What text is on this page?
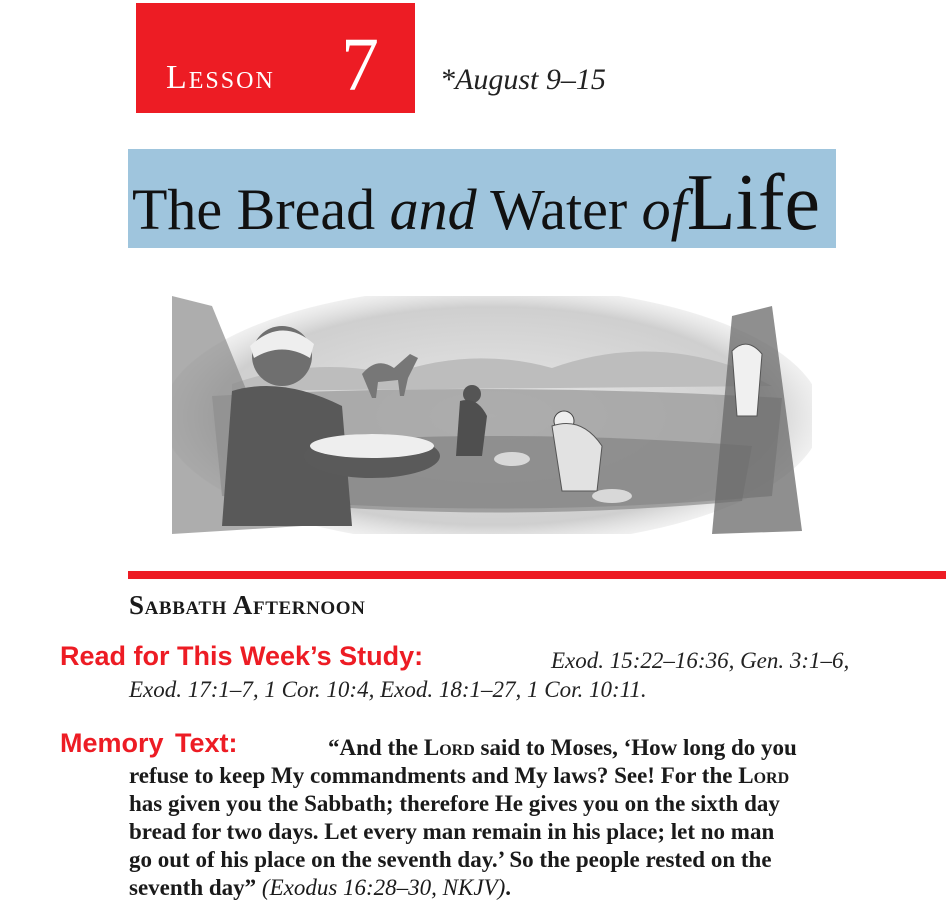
Lesson 7 *August 9–15
The Bread and Water ofLife
Sabbath Afternoon
Read for This Week’s Study:	Exod. 15:22–16:36, Gen. 3:1–6,
Exod. 17:1–7, 1 Cor. 10:4, Exod. 18:1–27, 1 Cor. 10:11.
Memory Text:	“And the Lord said to Moses, ‘How long do you
refuse to keep My commandments and My laws? See! For the Lord
has given you the Sabbath; therefore He gives you on the sixth day
bread for two days. Let every man remain in his place; let no man
go out of his place on the seventh day.’ So the people rested on the
seventh day” (Exodus 16:28–30, NKJV).
